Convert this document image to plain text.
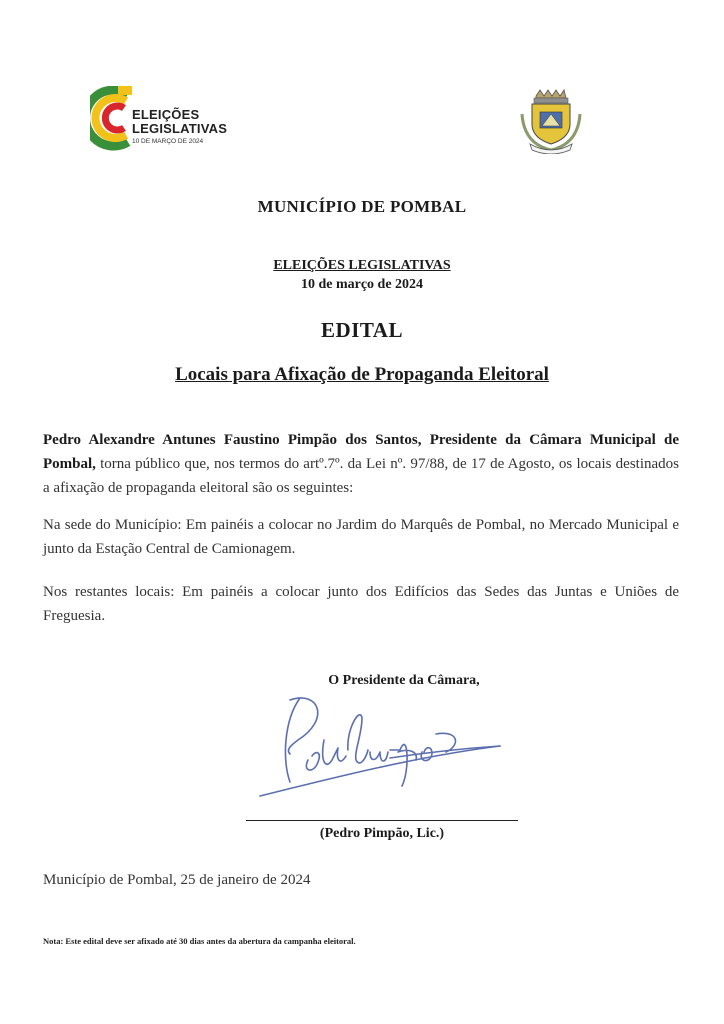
ELEIÇÕES
LEGISLATIVAS
10 DE MARÇO DE 2024
MUNICÍPIO DE POMBAL
ELEIÇÕES LEGISLATIVAS
10 de março de 2024
EDITAL
Locais para Afixação de Propaganda Eleitoral
Pedro Alexandre Antunes Faustino Pimpão dos Santos, Presidente da Câmara Municipal de Pombal, torna público que, nos termos do artº.7º. da Lei nº. 97/88, de 17 de Agosto, os locais destinados a afixação de propaganda eleitoral são os seguintes:
Na sede do Município: Em painéis a colocar no Jardim do Marquês de Pombal, no Mercado Municipal e junto da Estação Central de Camionagem.
Nos restantes locais: Em painéis a colocar junto dos Edifícios das Sedes das Juntas e Uniões de Freguesia.
O Presidente da Câmara,
(Pedro Pimpão, Lic.)
Município de Pombal, 25 de janeiro de 2024
Nota: Este edital deve ser afixado até 30 dias antes da abertura da campanha eleitoral.
